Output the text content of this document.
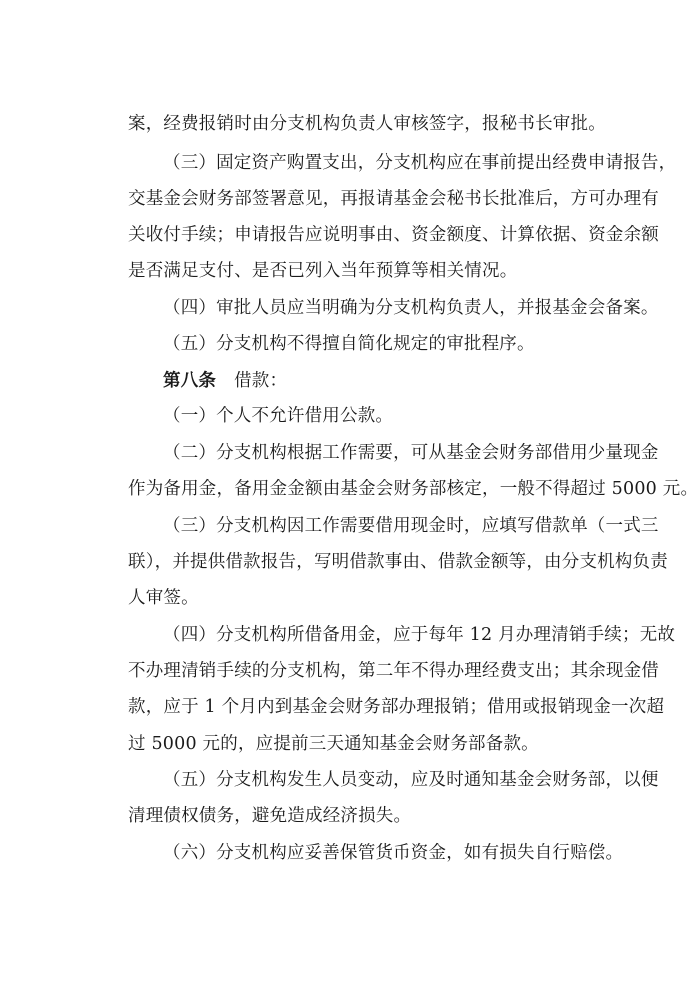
案，经费报销时由分支机构负责人审核签字，报秘书长审批。
（三）固定资产购置支出，分支机构应在事前提出经费申请报告，
交基金会财务部签署意见，再报请基金会秘书长批准后，方可办理有
关收付手续；申请报告应说明事由、资金额度、计算依据、资金余额
是否满足支付、是否已列入当年预算等相关情况。
（四）审批人员应当明确为分支机构负责人，并报基金会备案。
（五）分支机构不得擅自简化规定的审批程序。
第八条 借款：
（一）个人不允许借用公款。
（二）分支机构根据工作需要，可从基金会财务部借用少量现金
作为备用金，备用金金额由基金会财务部核定，一般不得超过 5000 元。
（三）分支机构因工作需要借用现金时，应填写借款单（一式三
联），并提供借款报告，写明借款事由、借款金额等，由分支机构负责
人审签。
（四）分支机构所借备用金，应于每年 12 月办理清销手续；无故
不办理清销手续的分支机构，第二年不得办理经费支出；其余现金借
款，应于 1 个月内到基金会财务部办理报销；借用或报销现金一次超
过 5000 元的，应提前三天通知基金会财务部备款。
（五）分支机构发生人员变动，应及时通知基金会财务部，以便
清理债权债务，避免造成经济损失。
（六）分支机构应妥善保管货币资金，如有损失自行赔偿。
